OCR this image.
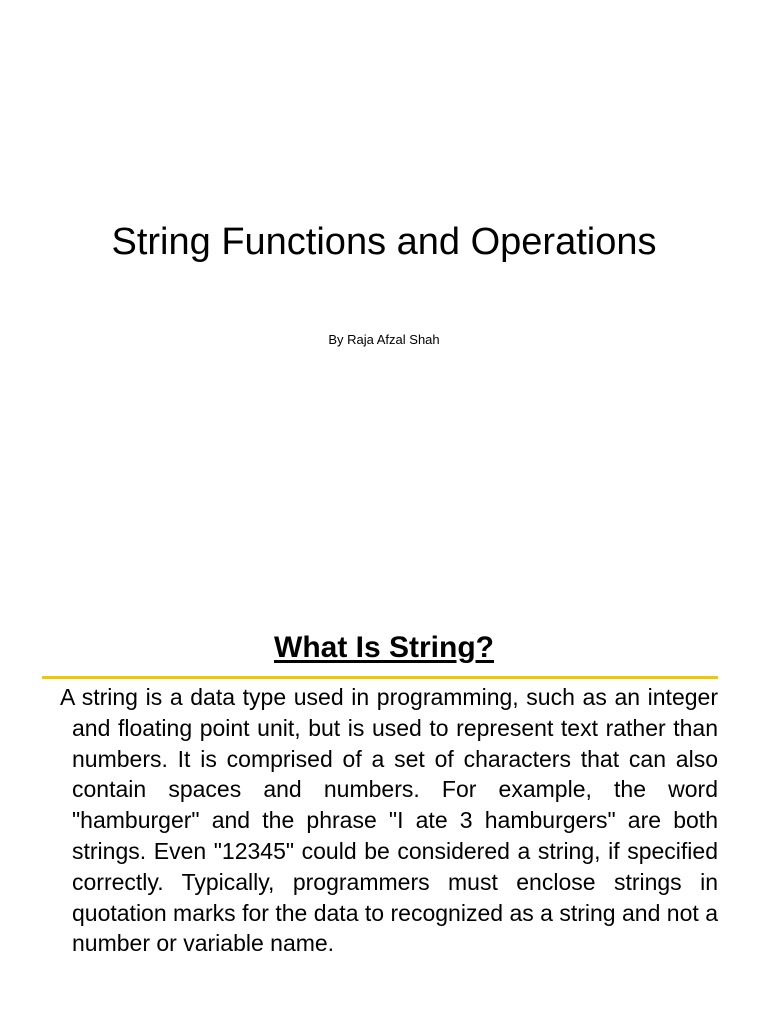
String Functions and Operations
By Raja Afzal Shah
What Is String?

A string is a data type used in programming, such as an integer and floating point unit, but is used to represent text rather than numbers. It is comprised of a set of characters that can also contain spaces and numbers. For example, the word "hamburger" and the phrase "I ate 3 hamburgers" are both strings. Even "12345" could be considered a string, if specified correctly. Typically, programmers must enclose strings in quotation marks for the data to recognized as a string and not a number or variable name.
